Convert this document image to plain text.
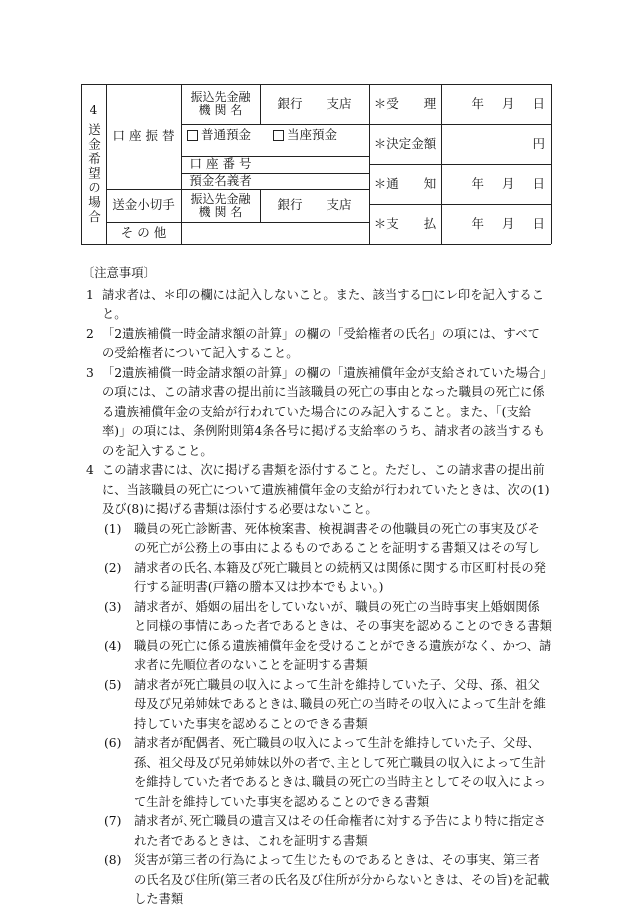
4
送金希望の場合 口 座 振 替
振込先金融
機 関 名	銀行 支店
普通預金	当座預金
口 座 番 号
預金名義者
送金小切手	振込先金融
機 関 名	銀行 支店
そ の 他
＊受　　理	年 月 日
＊決定金額	円
＊通　　知	年 月 日
＊支　　払	年 月 日

〔注意事項〕

1 請求者は、＊印の欄には記入しないこと。また、該当する□にレ印を記入すること。

2 「2遺族補償一時金請求額の計算」の欄の「受給権者の氏名」の項には、すべての受給権者について記入すること。

3 「2遺族補償一時金請求額の計算」の欄の「遺族補償年金が支給されていた場合」の項には、この請求書の提出前に当該職員の死亡の事由となった職員の死亡に係る遺族補償年金の支給が行われていた場合にのみ記入すること。また、「(支給率)」の項には、条例附則第4条各号に掲げる支給率のうち、請求者の該当するものを記入すること。

4 この請求書には、次に掲げる書類を添付すること。ただし、この請求書の提出前に、当該職員の死亡について遺族補償年金の支給が行われていたときは、次の(1)及び(8)に掲げる書類は添付する必要はないこと。

(1) 職員の死亡診断書、死体検案書、検視調書その他職員の死亡の事実及びその死亡が公務上の事由によるものであることを証明する書類又はその写し

(2) 請求者の氏名､本籍及び死亡職員との続柄又は関係に関する市区町村長の発行する証明書(戸籍の謄本又は抄本でもよい。)

(3) 請求者が、婚姻の届出をしていないが、職員の死亡の当時事実上婚姻関係と同様の事情にあった者であるときは、その事実を認めることのできる書類

(4) 職員の死亡に係る遺族補償年金を受けることができる遺族がなく、かつ、請求者に先順位者のないことを証明する書類

(5) 請求者が死亡職員の収入によって生計を維持していた子、父母、孫、祖父母及び兄弟姉妹であるときは､職員の死亡の当時その収入によって生計を維持していた事実を認めることのできる書類

(6) 請求者が配偶者、死亡職員の収入によって生計を維持していた子、父母、孫、祖父母及び兄弟姉妹以外の者で､主として死亡職員の収入によって生計を維持していた者であるときは､職員の死亡の当時主としてその収入によって生計を維持していた事実を認めることのできる書類

(7) 請求者が､死亡職員の遺言又はその任命権者に対する予告により特に指定された者であるときは、これを証明する書類

(8) 災害が第三者の行為によって生じたものであるときは、その事実、第三者の氏名及び住所(第三者の氏名及び住所が分からないときは、その旨)を記載した書類
